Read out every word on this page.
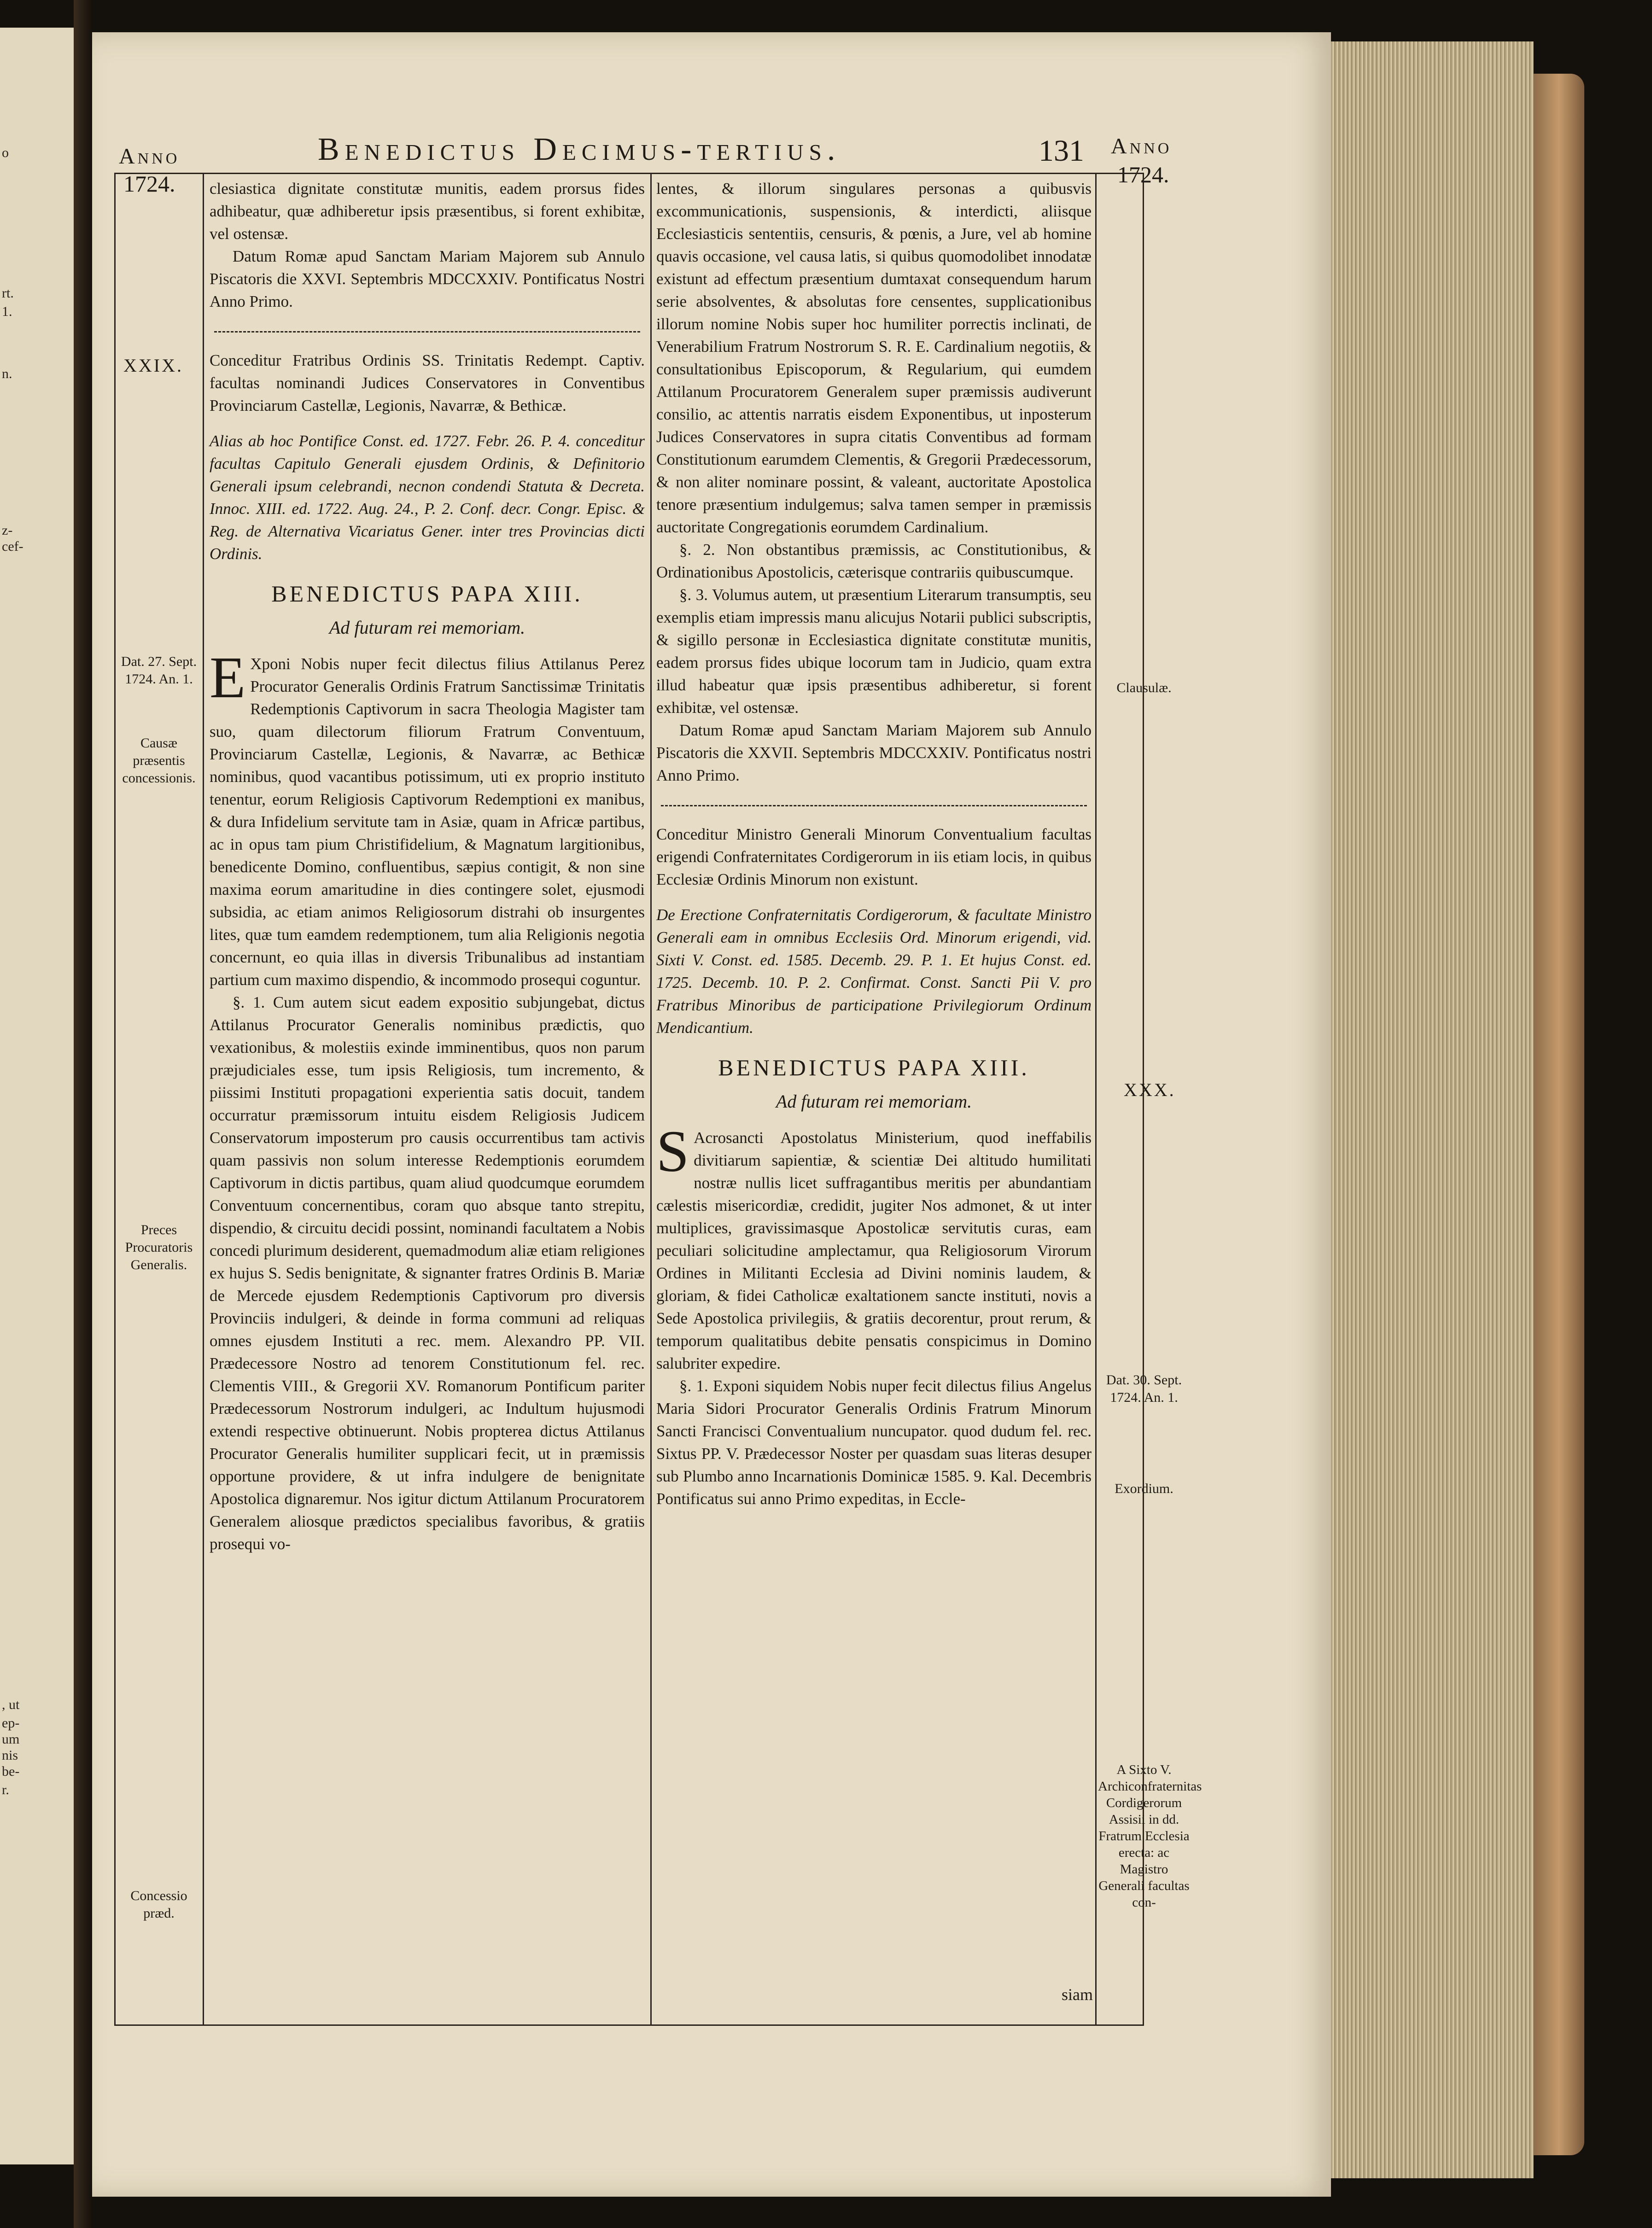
o
rt.
1.
n.
z-
cef-
, ut
ep-
um
nis
be-
r.
Anno
1724.
Benedictus Decimus-tertius.	131 Anno
1724.
XXIX.
Dat. 27. Sept. 1724. An. 1.
Causæ præsentis concessionis.
Preces Procuratoris Generalis.
Concessio præd.
Clausulæ.
XXX.
Dat. 30. Sept. 1724. An. 1.
Exordium.
A Sixto V. Archiconfraternitas Cordigerorum Assisii in dd. Fratrum Ecclesia erecta: ac Magistro Generali facultas con-

clesiastica dignitate constitutæ munitis, eadem prorsus fides adhibeatur, quæ adhiberetur ipsis præsentibus, si forent exhibitæ, vel ostensæ.

Datum Romæ apud Sanctam Mariam Majorem sub Annulo Piscatoris die XXVI. Septembris MDCCXXIV. Pontificatus Nostri Anno Primo.

Conceditur Fratribus Ordinis SS. Trinitatis Redempt. Captiv. facultas nominandi Judices Conservatores in Conventibus Provinciarum Castellæ, Legionis, Navarræ, & Bethicæ.

Alias ab hoc Pontifice Const. ed. 1727. Febr. 26. P. 4. conceditur facultas Capitulo Generali ejusdem Ordinis, & Definitorio Generali ipsum celebrandi, necnon condendi Statuta & Decreta. Innoc. XIII. ed. 1722. Aug. 24., P. 2. Conf. decr. Congr. Episc. & Reg. de Alternativa Vicariatus Gener. inter tres Provincias dicti Ordinis.

BENEDICTUS PAPA XIII.
Ad futuram rei memoriam.

E Xponi Nobis nuper fecit dilectus filius Attilanus Perez Procurator Generalis Ordinis Fratrum Sanctissimæ Trinitatis Redemptionis Captivorum in sacra Theologia Magister tam suo, quam dilectorum filiorum Fratrum Conventuum, Provinciarum Castellæ, Legionis, & Navarræ, ac Bethicæ nominibus, quod vacantibus potissimum, uti ex proprio instituto tenentur, eorum Religiosis Captivorum Redemptioni ex manibus, & dura Infidelium servitute tam in Asiæ, quam in Africæ partibus, ac in opus tam pium Christifidelium, & Magnatum largitionibus, benedicente Domino, confluentibus, sæpius contigit, & non sine maxima eorum amaritudine in dies contingere solet, ejusmodi subsidia, ac etiam animos Religiosorum distrahi ob insurgentes lites, quæ tum eamdem redemptionem, tum alia Religionis negotia concernunt, eo quia illas in diversis Tribunalibus ad instantiam partium cum maximo dispendio, & incommodo prosequi coguntur.

§. 1. Cum autem sicut eadem expositio subjungebat, dictus Attilanus Procurator Generalis nominibus prædictis, quo vexationibus, & molestiis exinde imminentibus, quos non parum præjudiciales esse, tum ipsis Religiosis, tum incremento, & piissimi Instituti propagationi experientia satis docuit, tandem occurratur præmissorum intuitu eisdem Religiosis Judicem Conservatorum imposterum pro causis occurrentibus tam activis quam passivis non solum interesse Redemptionis eorumdem Captivorum in dictis partibus, quam aliud quodcumque eorumdem Conventuum concernentibus, coram quo absque tanto strepitu, dispendio, & circuitu decidi possint, nominandi facultatem a Nobis concedi plurimum desiderent, quemadmodum aliæ etiam religiones ex hujus S. Sedis benignitate, & signanter fratres Ordinis B. Mariæ de Mercede ejusdem Redemptionis Captivorum pro diversis Provinciis indulgeri, & deinde in forma communi ad reliquas omnes ejusdem Instituti a rec. mem. Alexandro PP. VII. Prædecessore Nostro ad tenorem Constitutionum fel. rec. Clementis VIII., & Gregorii XV. Romanorum Pontificum pariter Prædecessorum Nostrorum indulgeri, ac Indultum hujusmodi extendi respective obtinuerunt. Nobis propterea dictus Attilanus Procurator Generalis humiliter supplicari fecit, ut in præmissis opportune providere, & ut infra indulgere de benignitate Apostolica dignaremur. Nos igitur dictum Attilanum Procuratorem Generalem aliosque prædictos specialibus favoribus, & gratiis prosequi vo-

lentes, & illorum singulares personas a quibusvis excommunicationis, suspensionis, & interdicti, aliisque Ecclesiasticis sententiis, censuris, & pœnis, a Jure, vel ab homine quavis occasione, vel causa latis, si quibus quomodolibet innodatæ existunt ad effectum præsentium dumtaxat consequendum harum serie absolventes, & absolutas fore censentes, supplicationibus illorum nomine Nobis super hoc humiliter porrectis inclinati, de Venerabilium Fratrum Nostrorum S. R. E. Cardinalium negotiis, & consultationibus Episcoporum, & Regularium, qui eumdem Attilanum Procuratorem Generalem super præmissis audiverunt consilio, ac attentis narratis eisdem Exponentibus, ut inposterum Judices Conservatores in supra citatis Conventibus ad formam Constitutionum earumdem Clementis, & Gregorii Prædecessorum, & non aliter nominare possint, & valeant, auctoritate Apostolica tenore præsentium indulgemus; salva tamen semper in præmissis auctoritate Congregationis eorumdem Cardinalium.

§. 2. Non obstantibus præmissis, ac Constitutionibus, & Ordinationibus Apostolicis, cæterisque contrariis quibuscumque.

§. 3. Volumus autem, ut præsentium Literarum transumptis, seu exemplis etiam impressis manu alicujus Notarii publici subscriptis, & sigillo personæ in Ecclesiastica dignitate constitutæ munitis, eadem prorsus fides ubique locorum tam in Judicio, quam extra illud habeatur quæ ipsis præsentibus adhiberetur, si forent exhibitæ, vel ostensæ.

Datum Romæ apud Sanctam Mariam Majorem sub Annulo Piscatoris die XXVII. Septembris MDCCXXIV. Pontificatus nostri Anno Primo.

Conceditur Ministro Generali Minorum Conventualium facultas erigendi Confraternitates Cordigerorum in iis etiam locis, in quibus Ecclesiæ Ordinis Minorum non existunt.

De Erectione Confraternitatis Cordigerorum, & facultate Ministro Generali eam in omnibus Ecclesiis Ord. Minorum erigendi, vid. Sixti V. Const. ed. 1585. Decemb. 29. P. 1. Et hujus Const. ed. 1725. Decemb. 10. P. 2. Confirmat. Const. Sancti Pii V. pro Fratribus Minoribus de participatione Privilegiorum Ordinum Mendicantium.

BENEDICTUS PAPA XIII.
Ad futuram rei memoriam.

S Acrosancti Apostolatus Ministerium, quod ineffabilis divitiarum sapientiæ, & scientiæ Dei altitudo humilitati nostræ nullis licet suffragantibus meritis per abundantiam cælestis misericordiæ, credidit, jugiter Nos admonet, & ut inter multiplices, gravissimasque Apostolicæ servitutis curas, eam peculiari solicitudine amplectamur, qua Religiosorum Virorum Ordines in Militanti Ecclesia ad Divini nominis laudem, & gloriam, & fidei Catholicæ exaltationem sancte instituti, novis a Sede Apostolica privilegiis, & gratiis decorentur, prout rerum, & temporum qualitatibus debite pensatis conspicimus in Domino salubriter expedire.

§. 1. Exponi siquidem Nobis nuper fecit dilectus filius Angelus Maria Sidori Procurator Generalis Ordinis Fratrum Minorum Sancti Francisci Conventualium nuncupator. quod dudum fel. rec. Sixtus PP. V. Prædecessor Noster per quasdam suas literas desuper sub Plumbo anno Incarnationis Dominicæ 1585. 9. Kal. Decembris Pontificatus sui anno Primo expeditas, in Eccle-

siam
